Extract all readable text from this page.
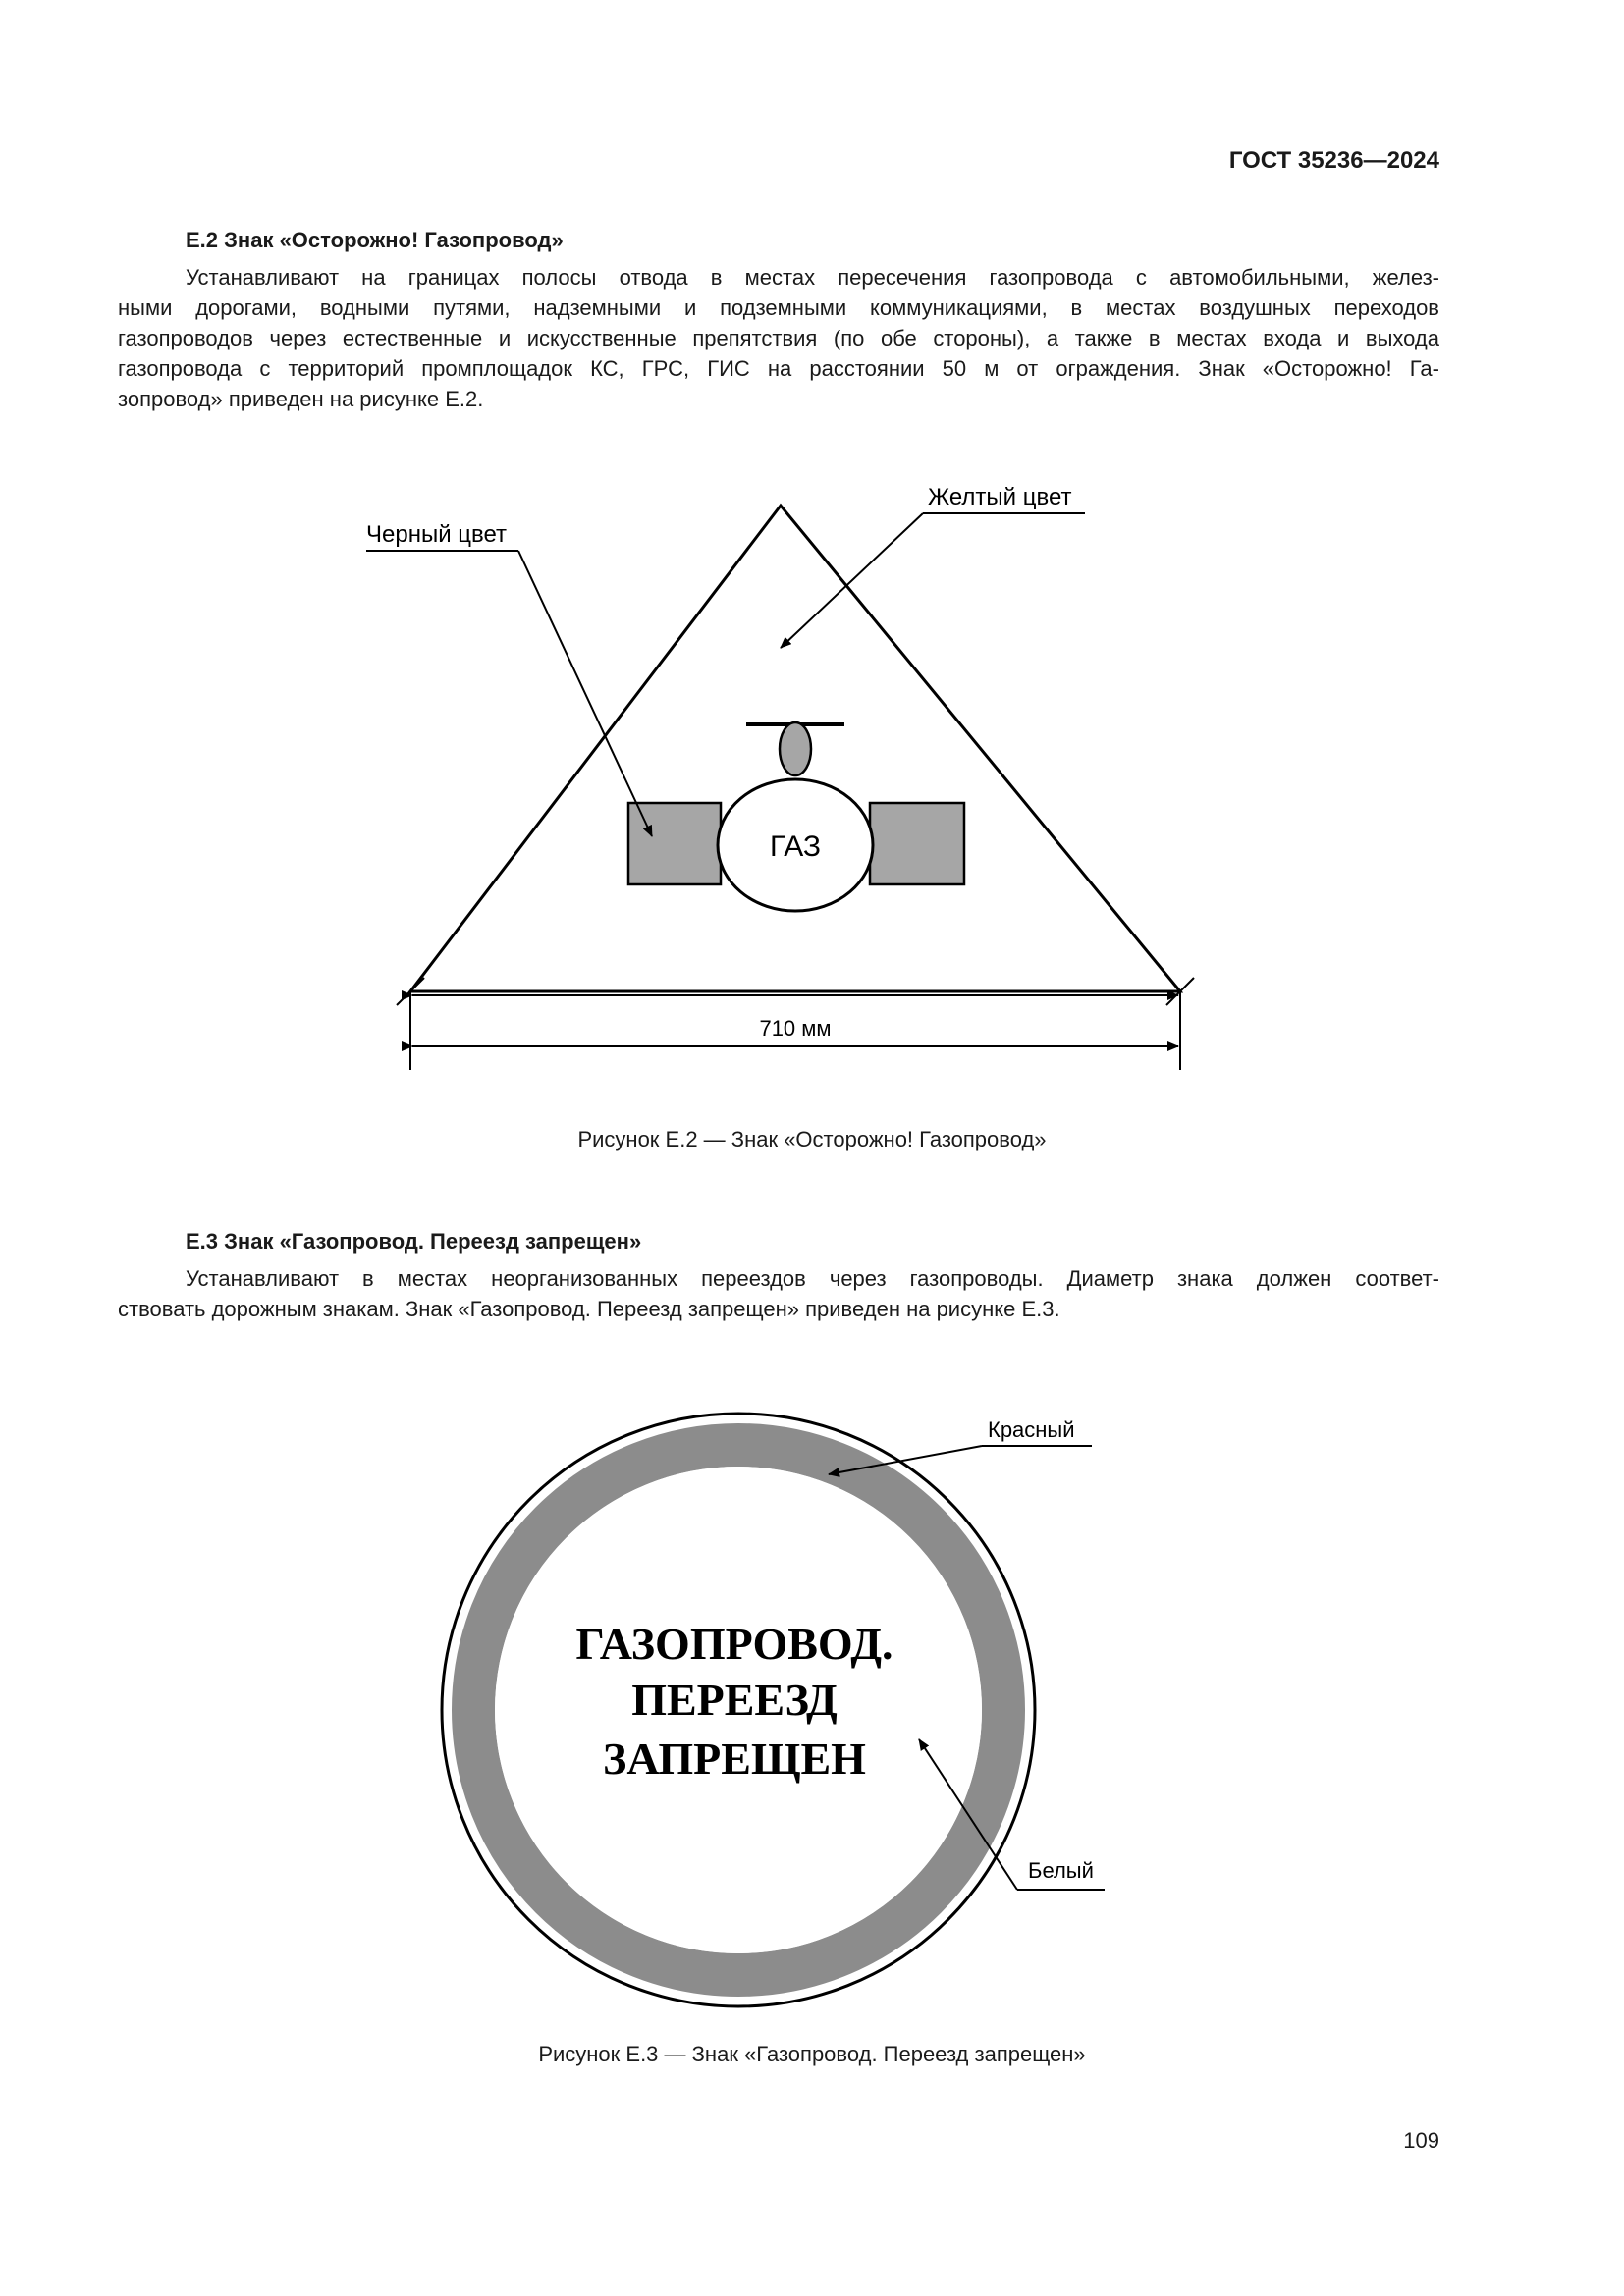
ГОСТ 35236—2024
Е.2 Знак «Осторожно! Газопровод»
Устанавливают на границах полосы отвода в местах пересечения газопровода с автомобильными, желез-
ными дорогами, водными путями, надземными и подземными коммуникациями, в местах воздушных переходов
газопроводов через естественные и искусственные препятствия (по обе стороны), а также в местах входа и выхода
газопровода с территорий промплощадок КС, ГРС, ГИС на расстоянии 50 м от ограждения. Знак «Осторожно! Га-
зопровод» приведен на рисунке Е.2.
ГАЗ
Черный цвет
Желтый цвет
710 мм
Рисунок Е.2 — Знак «Осторожно! Газопровод»
Е.3 Знак «Газопровод. Переезд запрещен»
Устанавливают в местах неорганизованных переездов через газопроводы. Диаметр знака должен соответ-
ствовать дорожным знакам. Знак «Газопровод. Переезд запрещен» приведен на рисунке Е.3.
ГАЗОПРОВОД.
ПЕРЕЕЗД
ЗАПРЕЩЕН
Красный
Белый
Рисунок Е.3 — Знак «Газопровод. Переезд запрещен»
109
